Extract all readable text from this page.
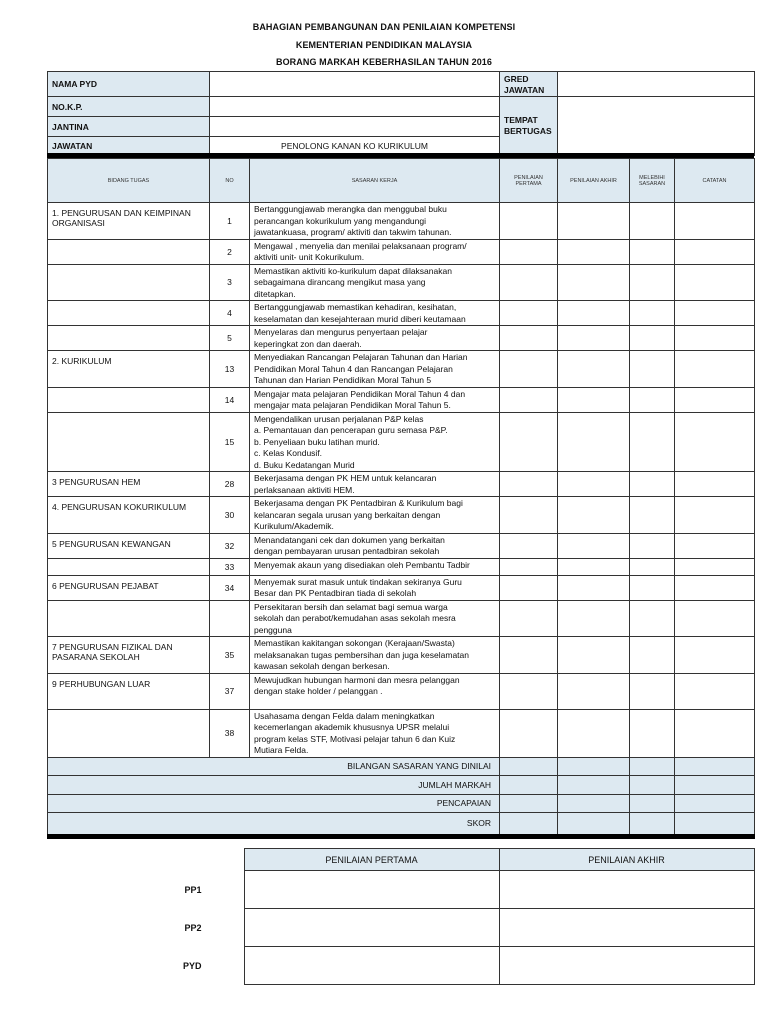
BAHAGIAN PEMBANGUNAN DAN PENILAIAN KOMPETENSI
KEMENTERIAN PENDIDIKAN MALAYSIA
BORANG MARKAH KEBERHASILAN TAHUN 2016
NAMA PYD		GRED JAWATAN	
NO.K.P.		TEMPAT BERTUGAS	
JANTINA			
JAWATAN	PENOLONG KANAN KO KURIKULUM		
BIDANG TUGAS	NO	SASARAN KERJA	PENILAIAN PERTAMA	PENILAIAN AKHIR	MELEBIHI SASARAN	CATATAN
1. PENGURUSAN DAN KEIMPINAN ORGANISASI	1	Bertanggungjawab merangka dan menggubal buku
perancangan kokurikulum yang mengandungi
jawatankuasa, program/ aktiviti dan takwim tahunan.				

	2	Mengawal , menyelia dan menilai pelaksanaan program/
aktiviti unit- unit Kokurikulum.				

	3	Memastikan aktiviti ko-kurikulum dapat dilaksanakan
sebagaimana dirancang mengikut masa yang
ditetapkan.				

	4	Bertanggungjawab memastikan kehadiran, kesihatan,
keselamatan dan kesejahteraan murid diberi keutamaan				

	5	Menyelaras dan mengurus penyertaan pelajar
keperingkat zon dan daerah.				

2. KURIKULUM	13	Menyediakan Rancangan Pelajaran Tahunan dan Harian
Pendidikan Moral Tahun 4 dan Rancangan Pelajaran
Tahunan dan Harian Pendidikan Moral Tahun 5				

	14	Mengajar mata pelajaran Pendidikan Moral Tahun 4 dan
mengajar mata pelajaran Pendidikan Moral Tahun 5.				

	15	Mengendalikan urusan perjalanan P&P kelas
a. Pemantauan dan pencerapan guru semasa P&P.
b. Penyeliaan buku latihan murid.
c. Kelas Kondusif.
d. Buku Kedatangan Murid				

3 PENGURUSAN HEM	28	Bekerjasama dengan PK HEM untuk kelancaran
perlaksanaan aktiviti HEM.				

4. PENGURUSAN KOKURIKULUM	30	Bekerjasama dengan PK Pentadbiran & Kurikulum bagi
kelancaran segala urusan yang berkaitan dengan
Kurikulum/Akademik.				

5 PENGURUSAN KEWANGAN	32	Menandatangani cek dan dokumen yang berkaitan
dengan pembayaran urusan pentadbiran sekolah				

	33	Menyemak akaun yang disediakan oleh Pembantu Tadbir				

6 PENGURUSAN PEJABAT	34	Menyemak surat masuk untuk tindakan sekiranya Guru
Besar dan PK Pentadbiran tiada di sekolah				

		Persekitaran bersih dan selamat bagi semua warga
sekolah dan perabot/kemudahan asas sekolah mesra
pengguna				

7 PENGURUSAN FIZIKAL DAN PASARANA SEKOLAH	35	Memastikan kakitangan sokongan (Kerajaan/Swasta)
melaksanakan tugas pembersihan dan juga keselamatan
kawasan sekolah dengan berkesan.				

9 PERHUBUNGAN LUAR	37	Mewujudkan hubungan harmoni dan mesra pelanggan
dengan stake holder / pelanggan .				

	38	Usahasama dengan Felda dalam meningkatkan
kecemerlangan akademik khususnya UPSR melalui
program kelas STF, Motivasi pelajar tahun 6 dan Kuiz
Mutiara Felda.				

BILANGAN SASARAN YANG DINILAI						
JUMLAH MARKAH						
PENCAPAIAN						
SKOR						
	PENILAIAN PERTAMA	PENILAIAN AKHIR
PP1		
PP2		
PYD		
